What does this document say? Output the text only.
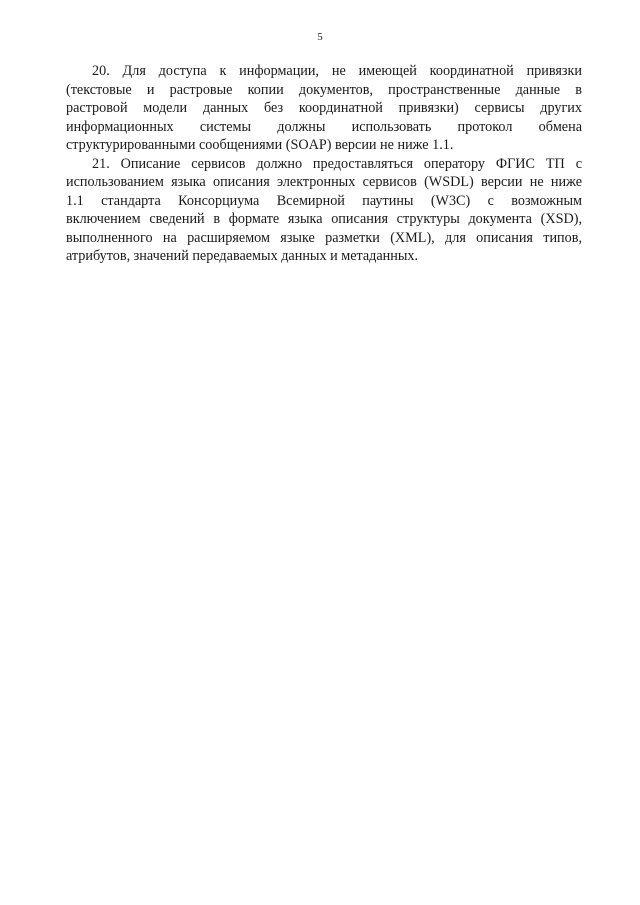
5

20. Для доступа к информации, не имеющей координатной привязки
(текстовые и растровые копии документов, пространственные данные в
растровой модели данных без координатной привязки) сервисы других
информационных системы должны использовать протокол обмена
структурированными сообщениями (SOAP) версии не ниже 1.1.

21. Описание сервисов должно предоставляться оператору ФГИС ТП с
использованием языка описания электронных сервисов (WSDL) версии не ниже
1.1 стандарта Консорциума Всемирной паутины (W3C) с возможным
включением сведений в формате языка описания структуры документа (XSD),
выполненного на расширяемом языке разметки (XML), для описания типов,
атрибутов, значений передаваемых данных и метаданных.
